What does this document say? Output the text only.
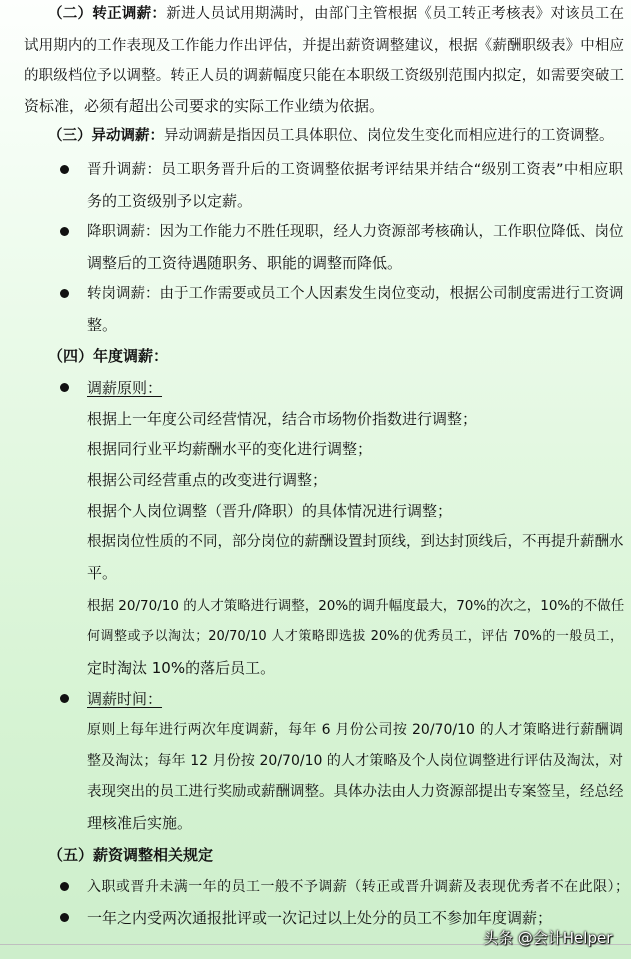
（二）转正调薪：新进人员试用期满时，由部门主管根据《员工转正考核表》对该员工在
试用期内的工作表现及工作能力作出评估，并提出薪资调整建议，根据《薪酬职级表》中相应
的职级档位予以调整。转正人员的调薪幅度只能在本职级工资级别范围内拟定，如需要突破工
资标准，必须有超出公司要求的实际工作业绩为依据。
（三）异动调薪：异动调薪是指因员工具体职位、岗位发生变化而相应进行的工资调整。
晋升调薪：员工职务晋升后的工资调整依据考评结果并结合“级别工资表”中相应职
务的工资级别予以定薪。
降职调薪：因为工作能力不胜任现职，经人力资源部考核确认，工作职位降低、岗位
调整后的工资待遇随职务、职能的调整而降低。
转岗调薪：由于工作需要或员工个人因素发生岗位变动，根据公司制度需进行工资调
整。
（四）年度调薪：
调薪原则：
根据上一年度公司经营情况，结合市场物价指数进行调整；
根据同行业平均薪酬水平的变化进行调整；
根据公司经营重点的改变进行调整；
根据个人岗位调整（晋升/降职）的具体情况进行调整；
根据岗位性质的不同，部分岗位的薪酬设置封顶线，到达封顶线后，不再提升薪酬水
平。
根据 20/70/10 的人才策略进行调整，20%的调升幅度最大，70%的次之，10%的不做任
何调整或予以淘汰；20/70/10 人才策略即选拔 20%的优秀员工，评估 70%的一般员工，
定时淘汰 10%的落后员工。
调薪时间：
原则上每年进行两次年度调薪，每年 6 月份公司按 20/70/10 的人才策略进行薪酬调
整及淘汰；每年 12 月份按 20/70/10 的人才策略及个人岗位调整进行评估及淘汰，对
表现突出的员工进行奖励或薪酬调整。具体办法由人力资源部提出专案签呈，经总经
理核准后实施。
（五）薪资调整相关规定
入职或晋升未满一年的员工一般不予调薪（转正或晋升调薪及表现优秀者不在此限）；
一年之内受两次通报批评或一次记过以上处分的员工不参加年度调薪；
头条 @会计Helper
